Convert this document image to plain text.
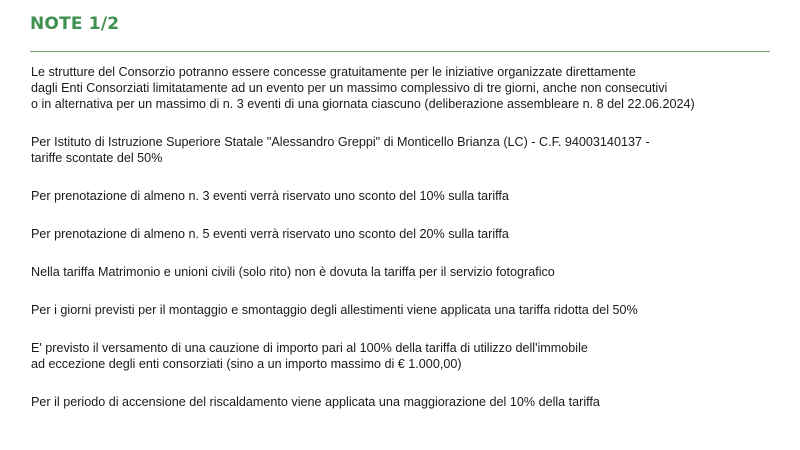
NOTE 1/2

Le strutture del Consorzio potranno essere concesse gratuitamente per le iniziative organizzate direttamente
dagli Enti Consorziati limitatamente ad un evento per un massimo complessivo di tre giorni, anche non consecutivi
o in alternativa per un massimo di n. 3 eventi di una giornata ciascuno (deliberazione assembleare n. 8 del 22.06.2024)

Per Istituto di Istruzione Superiore Statale "Alessandro Greppi" di Monticello Brianza (LC) - C.F. 94003140137 -
tariffe scontate del 50%

Per prenotazione di almeno n. 3 eventi verrà riservato uno sconto del 10% sulla tariffa

Per prenotazione di almeno n. 5 eventi verrà riservato uno sconto del 20% sulla tariffa

Nella tariffa Matrimonio e unioni civili (solo rito) non è dovuta la tariffa per il servizio fotografico

Per i giorni previsti per il montaggio e smontaggio degli allestimenti viene applicata una tariffa ridotta del 50%

E' previsto il versamento di una cauzione di importo pari al 100% della tariffa di utilizzo dell'immobile
ad eccezione degli enti consorziati (sino a un importo massimo di € 1.000,00)

Per il periodo di accensione del riscaldamento viene applicata una maggiorazione del 10% della tariffa
